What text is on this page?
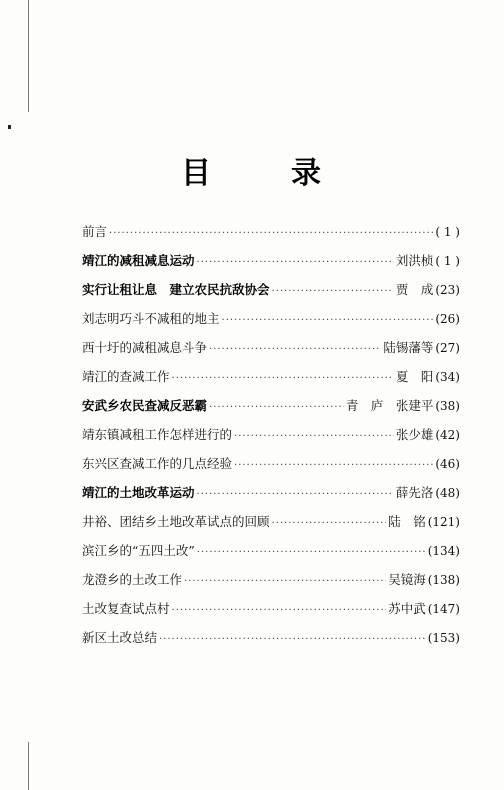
目	录
前言 ·····	( 1 )
靖江的减租减息运动 ·····	刘洪桢 ( 1 )
实行让租让息　建立农民抗敌协会 ·····	贾　成 (23)
刘志明巧斗不减租的地主 ·····	(26)
西十圩的减租减息斗争 ·····	陆锡藩等 (27)
靖江的查减工作 ·····	夏　阳 (34)
安武乡农民查减反恶霸 ·····	青　庐　张建平 (38)
靖东镇减租工作怎样进行的 ·····	张少雄 (42)
东兴区查减工作的几点经验 ·····	(46)
靖江的土地改革运动 ·····	薛先洛 (48)
井裕、团结乡土地改革试点的回顾 ·····	陆　铭 (121)
滨江乡的“五四土改” ·····	(134)
龙澄乡的土改工作 ·····	吴镜海 (138)
土改复查试点村 ·····	苏中武 (147)
新区土改总结 ·····	(153)
